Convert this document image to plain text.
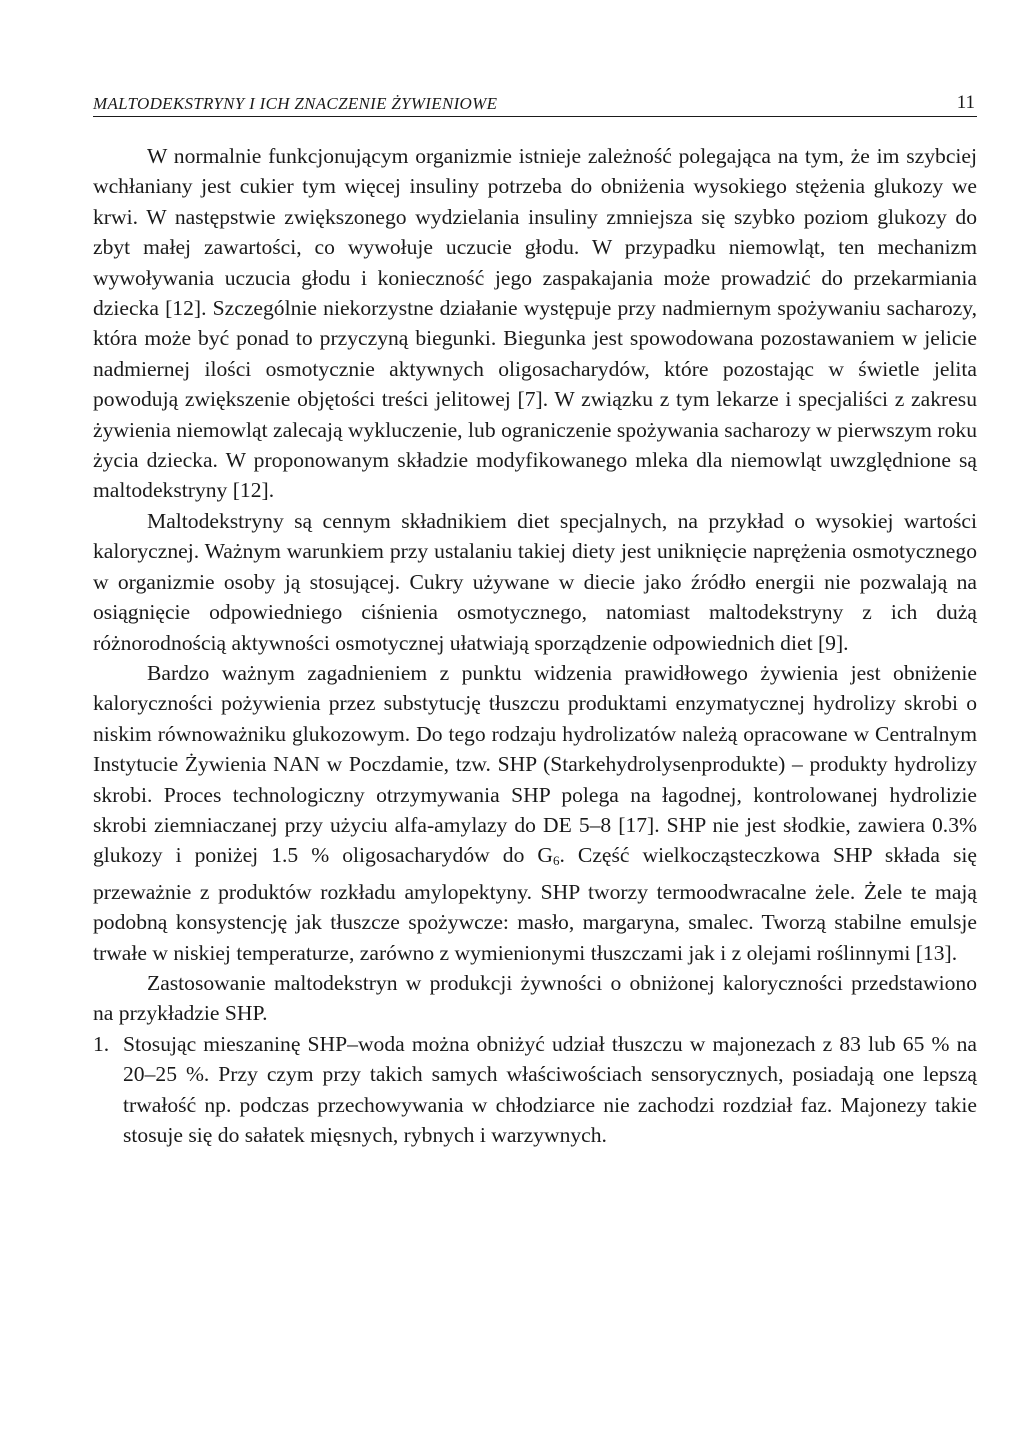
MALTODEKSTRYNY I ICH ZNACZENIE ŻYWIENIOWE	11

W normalnie funkcjonującym organizmie istnieje zależność polegająca na tym, że im szybciej wchłaniany jest cukier tym więcej insuliny potrzeba do obniżenia wysokiego stężenia glukozy we krwi. W następstwie zwiększonego wydzielania insuliny zmniejsza się szybko poziom glukozy do zbyt małej zawartości, co wywołuje uczucie głodu. W przypadku niemowląt, ten mechanizm wywoływania uczucia głodu i konieczność jego zaspakajania może prowadzić do przekarmiania dziecka [12]. Szczególnie niekorzystne działanie występuje przy nadmiernym spożywaniu sacharozy, która może być ponad to przyczyną biegunki. Biegunka jest spowodowana pozostawaniem w jelicie nadmiernej ilości osmotycznie aktywnych oligosacharydów, które pozostając w świetle jelita powodują zwiększenie objętości treści jelitowej [7]. W związku z tym lekarze i specjaliści z zakresu żywienia niemowląt zalecają wykluczenie, lub ograniczenie spożywania sacharozy w pierwszym roku życia dziecka. W proponowanym składzie modyfikowanego mleka dla niemowląt uwzględnione są maltodekstryny [12].

Maltodekstryny są cennym składnikiem diet specjalnych, na przykład o wysokiej wartości kalorycznej. Ważnym warunkiem przy ustalaniu takiej diety jest uniknięcie naprężenia osmotycznego w organizmie osoby ją stosującej. Cukry używane w diecie jako źródło energii nie pozwalają na osiągnięcie odpowiedniego ciśnienia osmotycznego, natomiast maltodekstryny z ich dużą różnorodnością aktywności osmotycznej ułatwiają sporządzenie odpowiednich diet [9].

Bardzo ważnym zagadnieniem z punktu widzenia prawidłowego żywienia jest obniżenie kaloryczności pożywienia przez substytucję tłuszczu produktami enzymatycznej hydrolizy skrobi o niskim równoważniku glukozowym. Do tego rodzaju hydrolizatów należą opracowane w Centralnym Instytucie Żywienia NAN w Poczdamie, tzw. SHP (Starkehydrolysenprodukte) – produkty hydrolizy skrobi. Proces technologiczny otrzymywania SHP polega na łagodnej, kontrolowanej hydrolizie skrobi ziemniaczanej przy użyciu alfa-amylazy do DE 5–8 [17]. SHP nie jest słodkie, zawiera 0.3% glukozy i poniżej 1.5 % oligosacharydów do $G_6$. Część wielkocząsteczkowa SHP składa się przeważnie z produktów rozkładu amylopektyny. SHP tworzy termoodwracalne żele. Żele te mają podobną konsystencję jak tłuszcze spożywcze: masło, margaryna, smalec. Tworzą stabilne emulsje trwałe w niskiej temperaturze, zarówno z wymienionymi tłuszczami jak i z olejami roślinnymi [13].

Zastosowanie maltodekstryn w produkcji żywności o obniżonej kaloryczności przedstawiono na przykładzie SHP.

1. Stosując mieszaninę SHP–woda można obniżyć udział tłuszczu w majonezach z 83 lub 65 % na 20–25 %. Przy czym przy takich samych właściwościach sensorycznych, posiadają one lepszą trwałość np. podczas przechowywania w chłodziarce nie zachodzi rozdział faz. Majonezy takie stosuje się do sałatek mięsnych, rybnych i warzywnych.
